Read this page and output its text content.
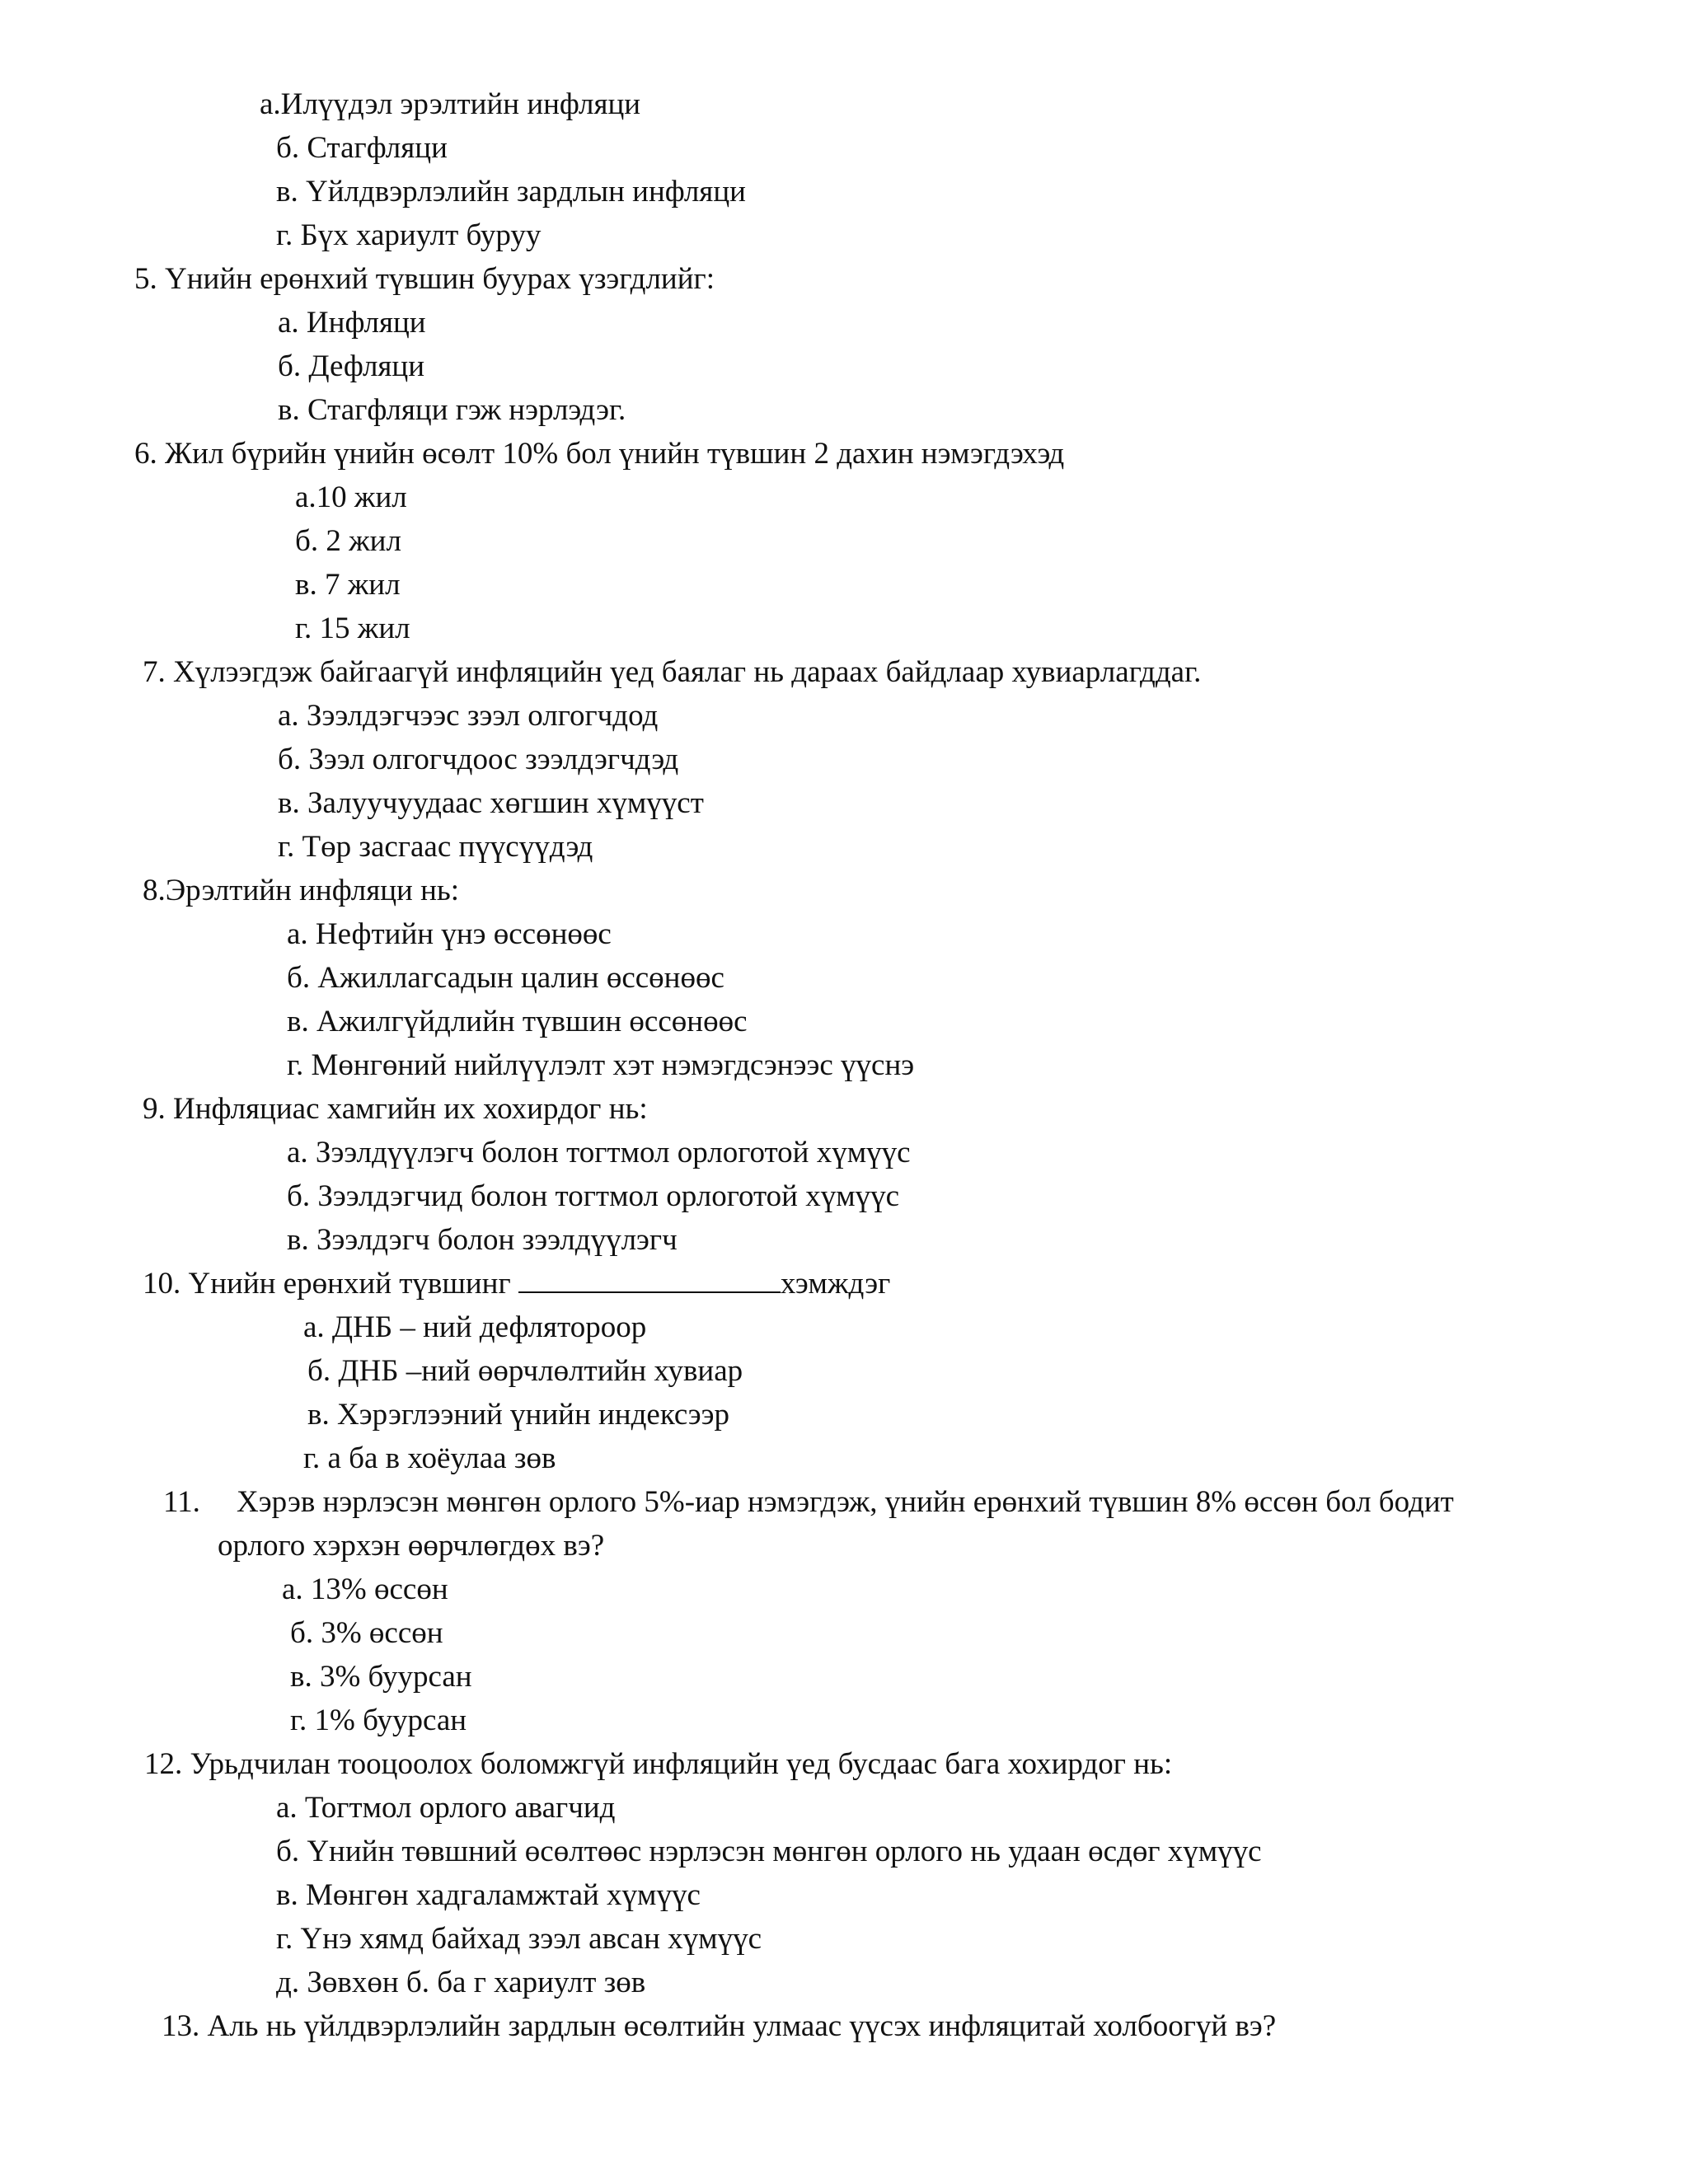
а.Илүүдэл эрэлтийн инфляци
б. Стагфляци
в. Үйлдвэрлэлийн зардлын инфляци
г. Бүх хариулт буруу
5. Үнийн ерөнхий түвшин буурах үзэгдлийг:
а. Инфляци
б. Дефляци
в. Стагфляци гэж нэрлэдэг.
6. Жил бүрийн үнийн өсөлт 10% бол үнийн түвшин 2 дахин нэмэгдэхэд
а.10 жил
б. 2 жил
в. 7 жил
г. 15 жил
7. Хүлээгдэж байгаагүй инфляцийн үед баялаг нь дараах байдлаар хувиарлагддаг.
а. Зээлдэгчээс зээл олгогчдод
б. Зээл олгогчдоос зээлдэгчдэд
в. Залуучуудаас хөгшин хүмүүст
г. Төр засгаас пүүсүүдэд
8.Эрэлтийн инфляци нь:
а. Нефтийн үнэ өссөнөөс
б. Ажиллагсадын цалин өссөнөөс
в. Ажилгүйдлийн түвшин өссөнөөс
г. Мөнгөний нийлүүлэлт хэт нэмэгдсэнээс үүснэ
9. Инфляциас хамгийн их хохирдог нь:
а. Зээлдүүлэгч болон тогтмол орлоготой хүмүүс
б. Зээлдэгчид болон тогтмол орлоготой хүмүүс
в. Зээлдэгч болон зээлдүүлэгч
10. Үнийн ерөнхий түвшинг	хэмждэг
а. ДНБ – ний дефляторoор
б. ДНБ –ний өөрчлөлтийн хувиар
в. Хэрэглээний үнийн индексээр
г. а ба в хоёулаа зөв
11. Хэрэв нэрлэсэн мөнгөн орлого 5%-иар нэмэгдэж, үнийн ерөнхий түвшин 8% өссөн бол бодит
орлого хэрхэн өөрчлөгдөх вэ?
а. 13% өссөн
б. 3% өссөн
в. 3% буурсан
г. 1% буурсан
12. Урьдчилан тооцоолох боломжгүй инфляцийн үед бусдаас бага хохирдог нь:
а. Тогтмол орлого авагчид
б. Үнийн төвшний өсөлтөөс нэрлэсэн мөнгөн орлого нь удаан өсдөг хүмүүс
в. Мөнгөн хадгаламжтай хүмүүс
г. Үнэ хямд байхад зээл авсан хүмүүс
д. Зөвхөн б. ба г хариулт зөв
13. Аль нь үйлдвэрлэлийн зардлын өсөлтийн улмаас үүсэх инфляцитай холбоогүй вэ?
